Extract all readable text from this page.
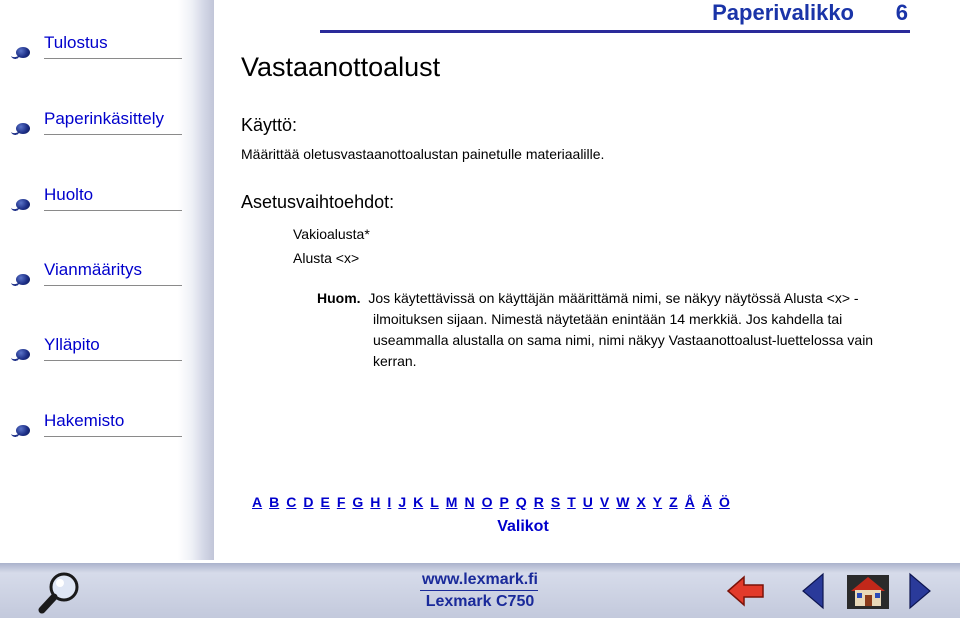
Tulostus
Paperinkäsittely
Huolto
Vianmääritys
Ylläpito
Hakemisto
Paperivalikko 6
Vastaanottoalust
Käyttö:
Määrittää oletusvastaanottoalustan painetulle materiaalille.
Asetusvaihtoehdot:
Vakioalusta*
Alusta <x>
Huom. Jos käytettävissä on käyttäjän määrittämä nimi, se näkyy näytössä Alusta <x> -ilmoituksen sijaan. Nimestä näytetään enintään 14 merkkiä. Jos kahdella tai useammalla alustalla on sama nimi, nimi näkyy Vastaanottoalust-luettelossa vain kerran.
A B C D E F G H I J K L M N O P Q R S T U V W X Y Z Å Ä Ö
Valikot
www.lexmark.fi
Lexmark C750
